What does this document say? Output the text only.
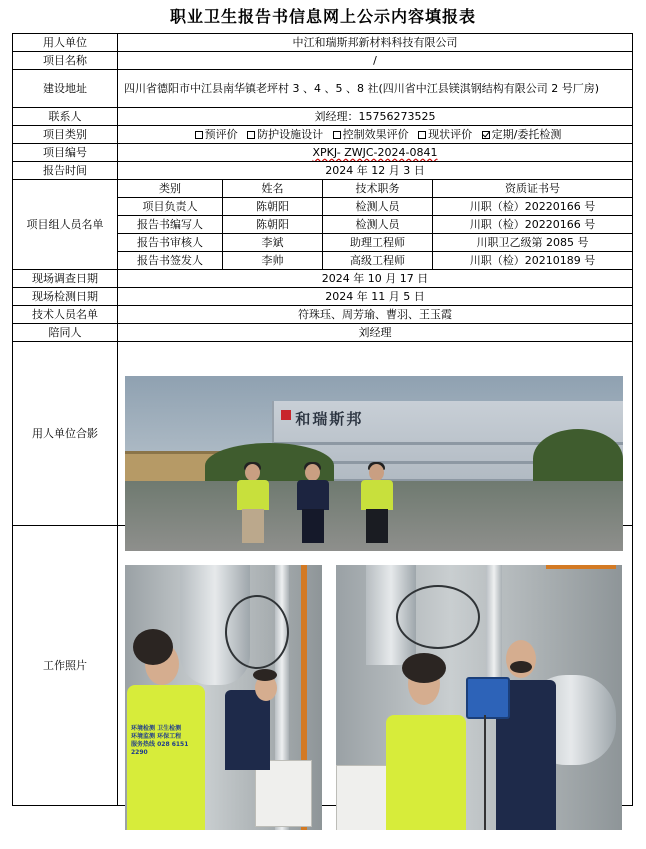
职业卫生报告书信息网上公示内容填报表
用人单位	中江和瑞斯邦新材料科技有限公司			
项目名称	/			
建设地址	四川省德阳市中江县南华镇老坪村 3 、4 、5 、8 社(四川省中江县镁淇钢结构有限公司 2 号厂房)			
联系人	刘经理：15756273525			
项目类别	预评价 防护设施设计 控制效果评价 现状评价 定期/委托检测			
项目编号	XPKJ- ZWJC-2024-0841			
报告时间	2024 年 12 月 3 日			
项目组人员名单	类别	姓名	技术职务	资质证书号
	项目负责人	陈朝阳	检测人员	川职（检）20220166 号
	报告书编写人	陈朝阳	检测人员	川职（检）20220166 号
	报告书审核人	李斌	助理工程师	川职卫乙级第 2085 号
	报告书签发人	李帅	高级工程师	川职（检）20210189 号
现场调查日期	2024 年 10 月 17 日			
现场检测日期	2024 年 11 月 5 日			
技术人员名单	符珠珏、周芳瑜、曹羽、王玉霞			
陪同人	刘经理			
用人单位合影				
工作照片				
和瑞斯邦
环境检测 卫生检测
环境监测 环保工程
服务热线 028 6151 2290
